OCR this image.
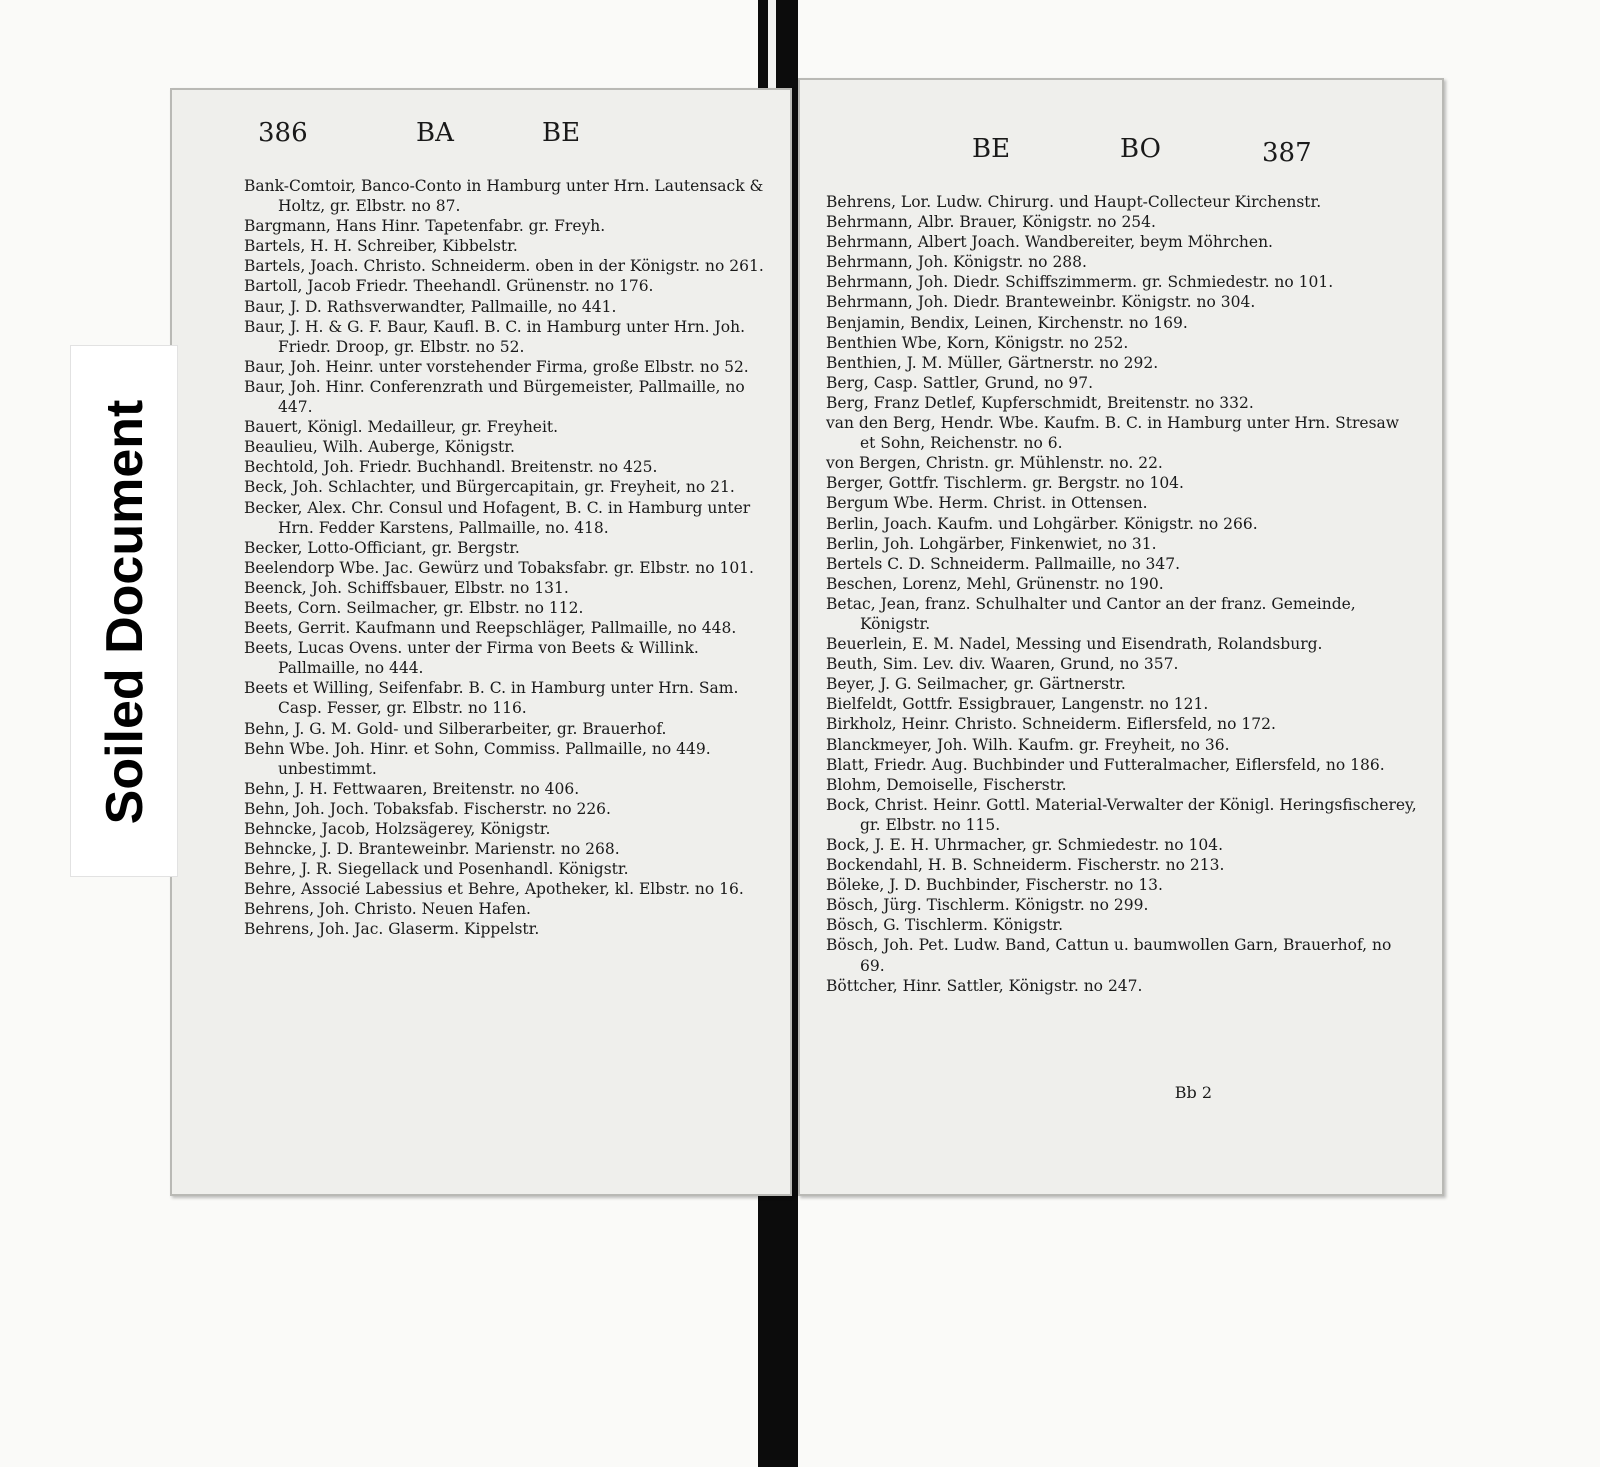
386	BA	BE
Bank-Comtoir, Banco-Conto in Hamburg unter Hrn. Lautensack & Holtz, gr. Elbstr. no 87.
Bargmann, Hans Hinr. Tapetenfabr. gr. Freyh.
Bartels, H. H. Schreiber, Kibbelstr.
Bartels, Joach. Christo. Schneiderm. oben in der Königstr. no 261.
Bartoll, Jacob Friedr. Theehandl. Grünenstr. no 176.
Baur, J. D. Rathsverwandter, Pallmaille, no 441.
Baur, J. H. & G. F. Baur, Kaufl. B. C. in Hamburg unter Hrn. Joh. Friedr. Droop, gr. Elbstr. no 52.
Baur, Joh. Heinr. unter vorstehender Firma, große Elbstr. no 52.
Baur, Joh. Hinr. Conferenzrath und Bürgemeister, Pallmaille, no 447.
Bauert, Königl. Medailleur, gr. Freyheit.
Beaulieu, Wilh. Auberge, Königstr.
Bechtold, Joh. Friedr. Buchhandl. Breitenstr. no 425.
Beck, Joh. Schlachter, und Bürgercapitain, gr. Freyheit, no 21.
Becker, Alex. Chr. Consul und Hofagent, B. C. in Hamburg unter Hrn. Fedder Karstens, Pallmaille, no. 418.
Becker, Lotto-Officiant, gr. Bergstr.
Beelendorp Wbe. Jac. Gewürz und Tobaksfabr. gr. Elbstr. no 101.
Beenck, Joh. Schiffsbauer, Elbstr. no 131.
Beets, Corn. Seilmacher, gr. Elbstr. no 112.
Beets, Gerrit. Kaufmann und Reepschläger, Pallmaille, no 448.
Beets, Lucas Ovens. unter der Firma von Beets & Willink. Pallmaille, no 444.
Beets et Willing, Seifenfabr. B. C. in Hamburg unter Hrn. Sam. Casp. Fesser, gr. Elbstr. no 116.
Behn, J. G. M. Gold- und Silberarbeiter, gr. Brauerhof.
Behn Wbe. Joh. Hinr. et Sohn, Commiss. Pallmaille, no 449. unbestimmt.
Behn, J. H. Fettwaaren, Breitenstr. no 406.
Behn, Joh. Joch. Tobaksfab. Fischerstr. no 226.
Behncke, Jacob, Holzsägerey, Königstr.
Behncke, J. D. Branteweinbr. Marienstr. no 268.
Behre, J. R. Siegellack und Posenhandl. Königstr.
Behre, Associé Labessius et Behre, Apotheker, kl. Elbstr. no 16.
Behrens, Joh. Christo. Neuen Hafen.
Behrens, Joh. Jac. Glaserm. Kippelstr.
BE	BO	387
Behrens, Lor. Ludw. Chirurg. und Haupt-Collecteur Kirchenstr.
Behrmann, Albr. Brauer, Königstr. no 254.
Behrmann, Albert Joach. Wandbereiter, beym Möhrchen.
Behrmann, Joh. Königstr. no 288.
Behrmann, Joh. Diedr. Schiffszimmerm. gr. Schmiedestr. no 101.
Behrmann, Joh. Diedr. Branteweinbr. Königstr. no 304.
Benjamin, Bendix, Leinen, Kirchenstr. no 169.
Benthien Wbe, Korn, Königstr. no 252.
Benthien, J. M. Müller, Gärtnerstr. no 292.
Berg, Casp. Sattler, Grund, no 97.
Berg, Franz Detlef, Kupferschmidt, Breitenstr. no 332.
van den Berg, Hendr. Wbe. Kaufm. B. C. in Hamburg unter Hrn. Stresaw et Sohn, Reichenstr. no 6.
von Bergen, Christn. gr. Mühlenstr. no. 22.
Berger, Gottfr. Tischlerm. gr. Bergstr. no 104.
Bergum Wbe. Herm. Christ. in Ottensen.
Berlin, Joach. Kaufm. und Lohgärber. Königstr. no 266.
Berlin, Joh. Lohgärber, Finkenwiet, no 31.
Bertels C. D. Schneiderm. Pallmaille, no 347.
Beschen, Lorenz, Mehl, Grünenstr. no 190.
Betac, Jean, franz. Schulhalter und Cantor an der franz. Gemeinde, Königstr.
Beuerlein, E. M. Nadel, Messing und Eisendrath, Rolandsburg.
Beuth, Sim. Lev. div. Waaren, Grund, no 357.
Beyer, J. G. Seilmacher, gr. Gärtnerstr.
Bielfeldt, Gottfr. Essigbrauer, Langenstr. no 121.
Birkholz, Heinr. Christo. Schneiderm. Eiflersfeld, no 172.
Blanckmeyer, Joh. Wilh. Kaufm. gr. Freyheit, no 36.
Blatt, Friedr. Aug. Buchbinder und Futteralmacher, Eiflersfeld, no 186.
Blohm, Demoiselle, Fischerstr.
Bock, Christ. Heinr. Gottl. Material-Verwalter der Königl. Heringsfischerey, gr. Elbstr. no 115.
Bock, J. E. H. Uhrmacher, gr. Schmiedestr. no 104.
Bockendahl, H. B. Schneiderm. Fischerstr. no 213.
Böleke, J. D. Buchbinder, Fischerstr. no 13.
Bösch, Jürg. Tischlerm. Königstr. no 299.
Bösch, G. Tischlerm. Königstr.
Bösch, Joh. Pet. Ludw. Band, Cattun u. baumwollen Garn, Brauerhof, no 69.
Böttcher, Hinr. Sattler, Königstr. no 247.
Bb 2
Soiled Document
